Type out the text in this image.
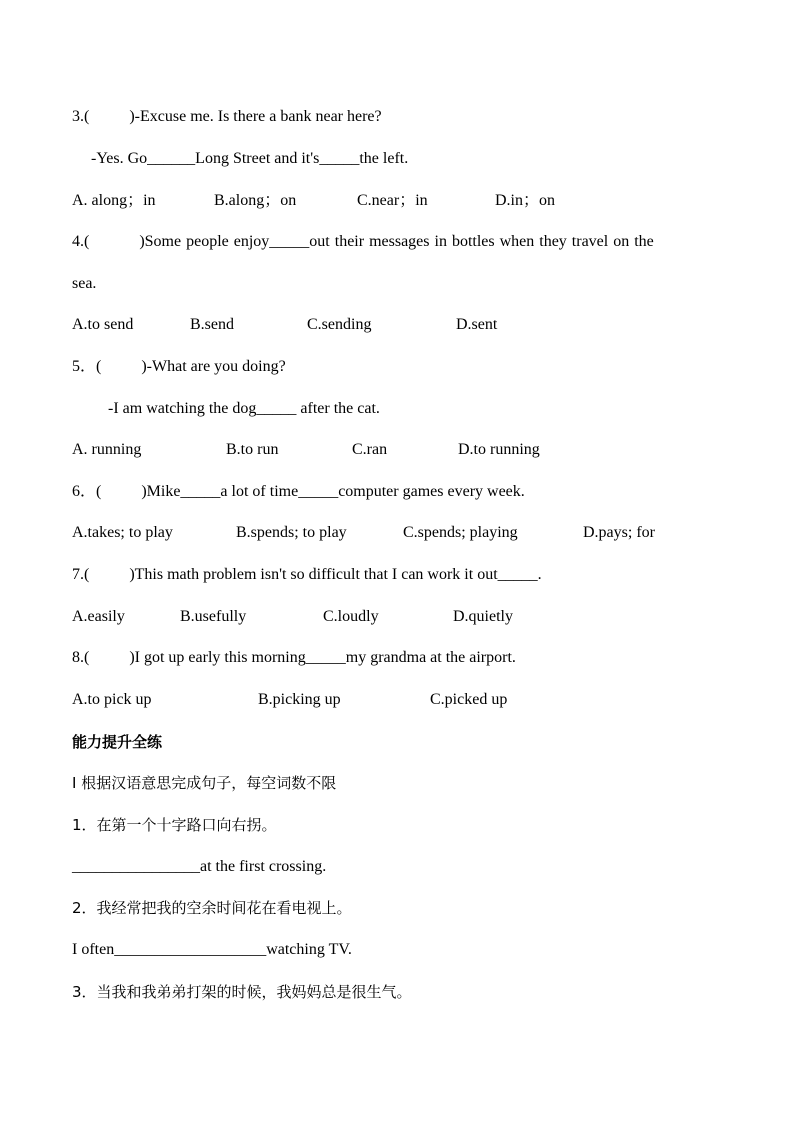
3.(          )-Excuse me. Is there a bank near here?
-Yes. Go______Long Street and it's_____the left.
A. along；in	B.along；on	C.near；in	D.in；on
4.(          )Some people enjoy_____out their messages in bottles when they travel on the
sea.
A.to send	B.send	C.sending	D.sent
5．(          )-What are you doing?
-I am watching the dog_____ after the cat.
A. running	B.to run	C.ran	D.to running
6．(          )Mike_____a lot of time_____computer games every week.
A.takes; to play	B.spends; to play	C.spends; playing	D.pays; for
7.(          )This math problem isn't so difficult that I can work it out_____.
A.easily	B.usefully	C.loudly	D.quietly
8.(          )I got up early this morning_____my grandma at the airport.
A.to pick up	B.picking up	C.picked up
能力提升全练
I 根据汉语意思完成句子，每空词数不限
1．在第一个十字路口向右拐。
________________at the first crossing.
2．我经常把我的空余时间花在看电视上。
I often___________________watching TV.
3．当我和我弟弟打架的时候，我妈妈总是很生气。
